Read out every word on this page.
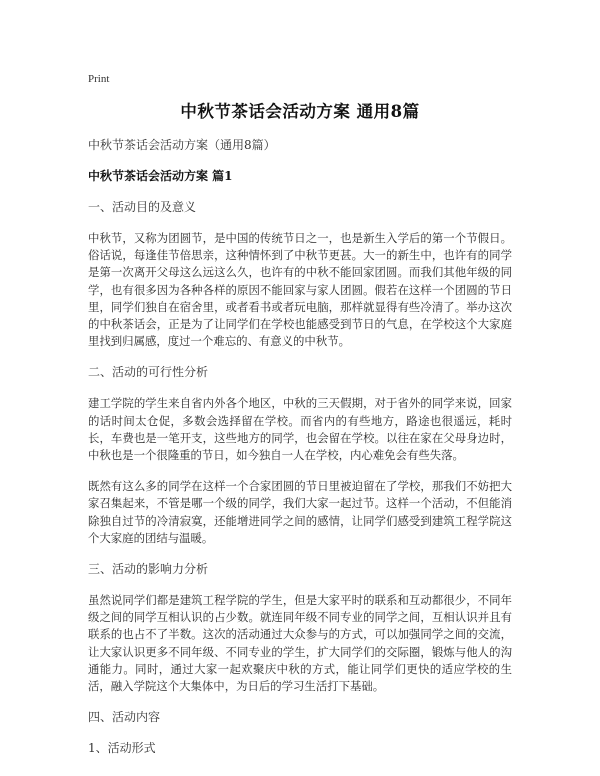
Print
中秋节茶话会活动方案 通用8篇
中秋节茶话会活动方案（通用8篇）
中秋节茶话会活动方案 篇1
一、活动目的及意义
中秋节，又称为团圆节，是中国的传统节日之一，也是新生入学后的第一个节假日。俗话说，每逢佳节倍思亲，这种情怀到了中秋节更甚。大一的新生中，也许有的同学是第一次离开父母这么远这么久，也许有的中秋不能回家团圆。而我们其他年级的同学，也有很多因为各种各样的原因不能回家与家人团圆。假若在这样一个团圆的节日里，同学们独自在宿舍里，或者看书或者玩电脑，那样就显得有些冷清了。举办这次的中秋茶话会，正是为了让同学们在学校也能感受到节日的气息，在学校这个大家庭里找到归属感，度过一个难忘的、有意义的中秋节。
二、活动的可行性分析
建工学院的学生来自省内外各个地区，中秋的三天假期，对于省外的同学来说，回家的话时间太仓促，多数会选择留在学校。而省内的有些地方，路途也很遥远，耗时长，车费也是一笔开支，这些地方的同学，也会留在学校。以往在家在父母身边时，中秋也是一个很隆重的节日，如今独自一人在学校，内心难免会有些失落。
既然有这么多的同学在这样一个合家团圆的节日里被迫留在了学校，那我们不妨把大家召集起来，不管是哪一个级的同学，我们大家一起过节。这样一个活动，不但能消除独自过节的冷清寂寞，还能增进同学之间的感情，让同学们感受到建筑工程学院这个大家庭的团结与温暖。
三、活动的影响力分析
虽然说同学们都是建筑工程学院的学生，但是大家平时的联系和互动都很少，不同年级之间的同学互相认识的占少数。就连同年级不同专业的同学之间，互相认识并且有联系的也占不了半数。这次的活动通过大众参与的方式，可以加强同学之间的交流，让大家认识更多不同年级、不同专业的学生，扩大同学们的交际圈，锻炼与他人的沟通能力。同时，通过大家一起欢聚庆中秋的方式，能让同学们更快的适应学校的生活，融入学院这个大集体中，为日后的学习生活打下基础。
四、活动内容
1、活动形式
